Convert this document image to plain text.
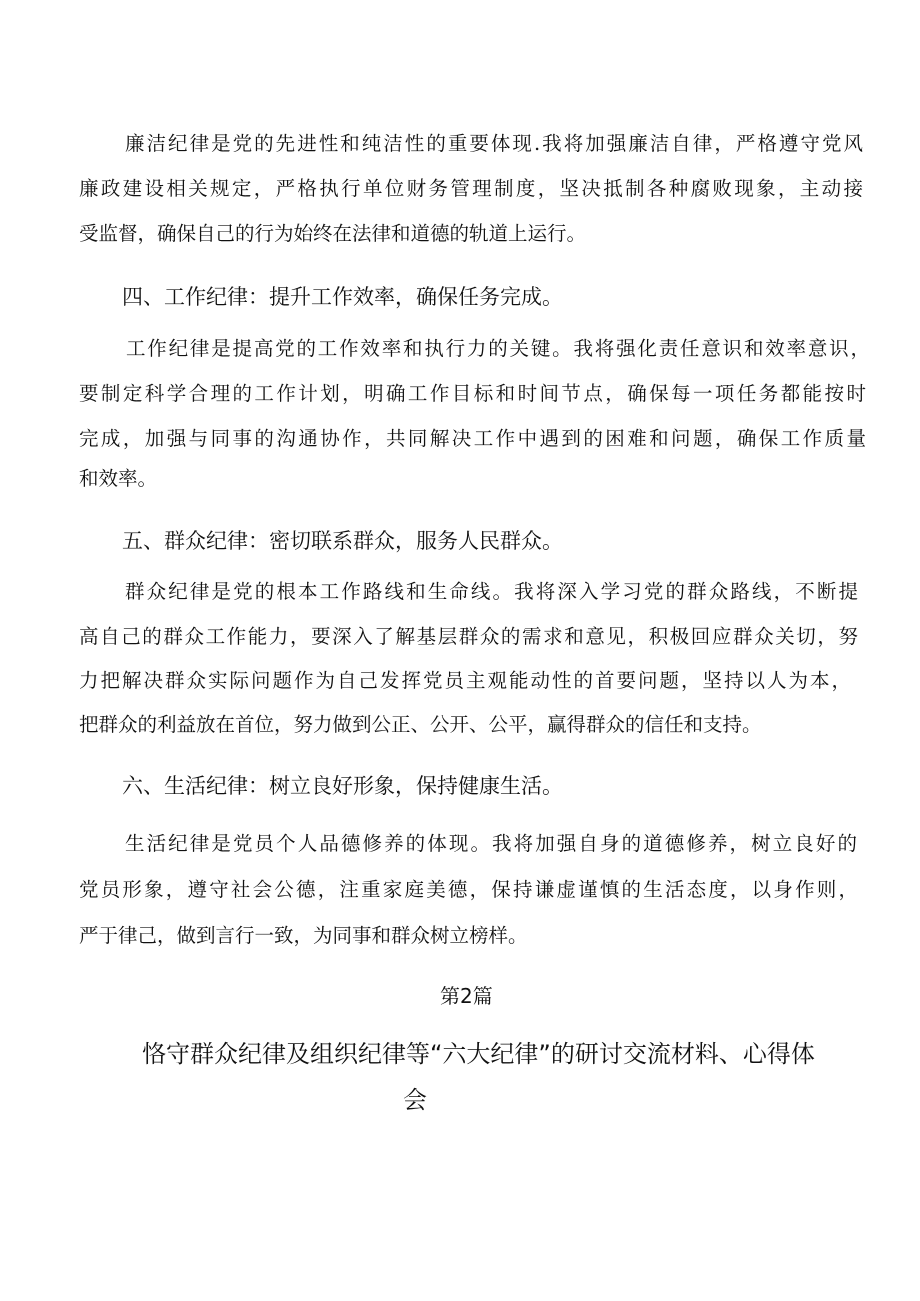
廉洁纪律是党的先进性和纯洁性的重要体现.我将加强廉洁自律，严格遵守党风
廉政建设相关规定，严格执行单位财务管理制度，坚决抵制各种腐败现象，主动接
受监督，确保自己的行为始终在法律和道德的轨道上运行。
四、工作纪律：提升工作效率，确保任务完成。
工作纪律是提高党的工作效率和执行力的关键。我将强化责任意识和效率意识，
要制定科学合理的工作计划，明确工作目标和时间节点，确保每一项任务都能按时
完成，加强与同事的沟通协作，共同解决工作中遇到的困难和问题，确保工作质量
和效率。
五、群众纪律：密切联系群众，服务人民群众。
群众纪律是党的根本工作路线和生命线。我将深入学习党的群众路线，不断提
高自己的群众工作能力，要深入了解基层群众的需求和意见，积极回应群众关切，努
力把解决群众实际问题作为自己发挥党员主观能动性的首要问题，坚持以人为本，
把群众的利益放在首位，努力做到公正、公开、公平，赢得群众的信任和支持。
六、生活纪律：树立良好形象，保持健康生活。
生活纪律是党员个人品德修养的体现。我将加强自身的道德修养，树立良好的
党员形象，遵守社会公德，注重家庭美德，保持谦虚谨慎的生活态度，以身作则，
严于律己，做到言行一致，为同事和群众树立榜样。
第2篇
恪守群众纪律及组织纪律等“六大纪律”的研讨交流材料、心得体
会
